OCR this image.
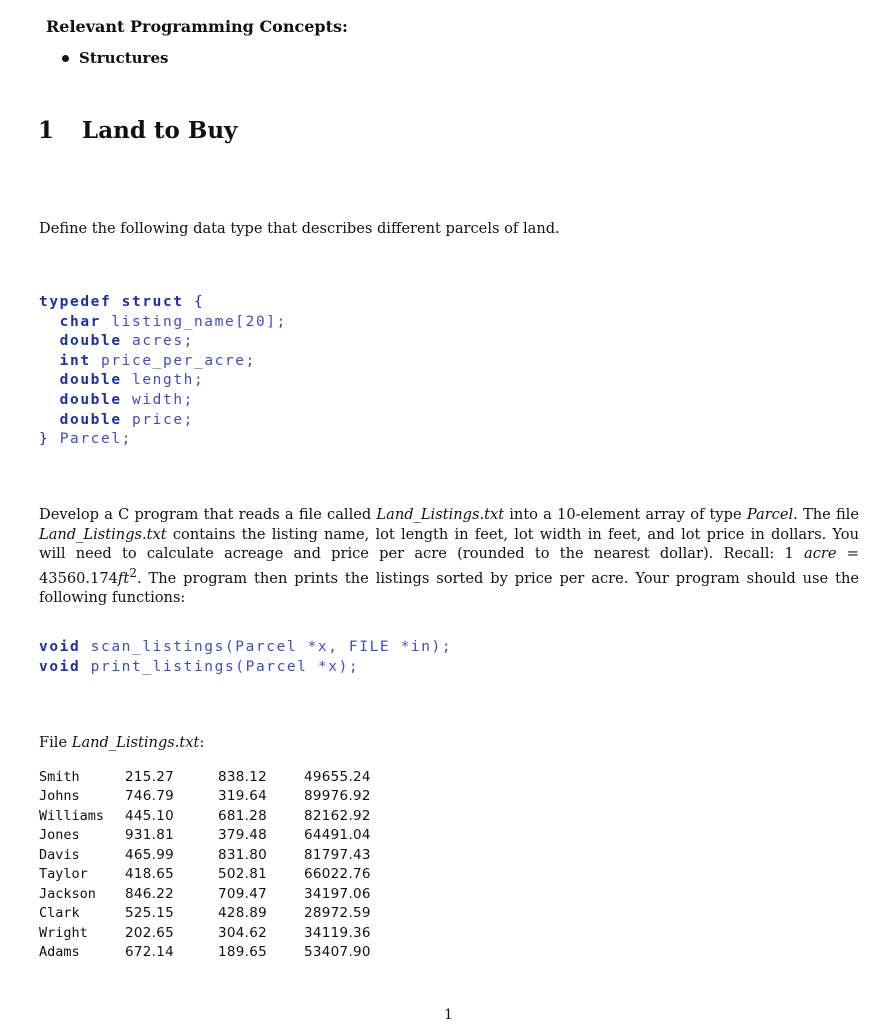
Relevant Programming Concepts:
Structures
1 Land to Buy
Define the following data type that describes different parcels of land.
typedef struct {
char listing_name[20];
double acres;
int price_per_acre;
double length;
double width;
double price;
} Parcel;
Develop a C program that reads a file called Land_Listings.txt into a 10-element array of type Parcel. The file Land_Listings.txt contains the listing name, lot length in feet, lot width in feet, and lot price in dollars. You will need to calculate acreage and price per acre (rounded to the nearest dollar). Recall: 1 acre = $43560.174ft^2$. The program then prints the listings sorted by price per acre. Your program should use the following functions:
void scan_listings(Parcel *x, FILE *in);
void print_listings(Parcel *x);
File Land_Listings.txt:
Smith	215.27	838.12	49655.24
Johns	746.79	319.64	89976.92
Williams	445.10	681.28	82162.92
Jones	931.81	379.48	64491.04
Davis	465.99	831.80	81797.43
Taylor	418.65	502.81	66022.76
Jackson	846.22	709.47	34197.06
Clark	525.15	428.89	28972.59
Wright	202.65	304.62	34119.36
Adams	672.14	189.65	53407.90
1
